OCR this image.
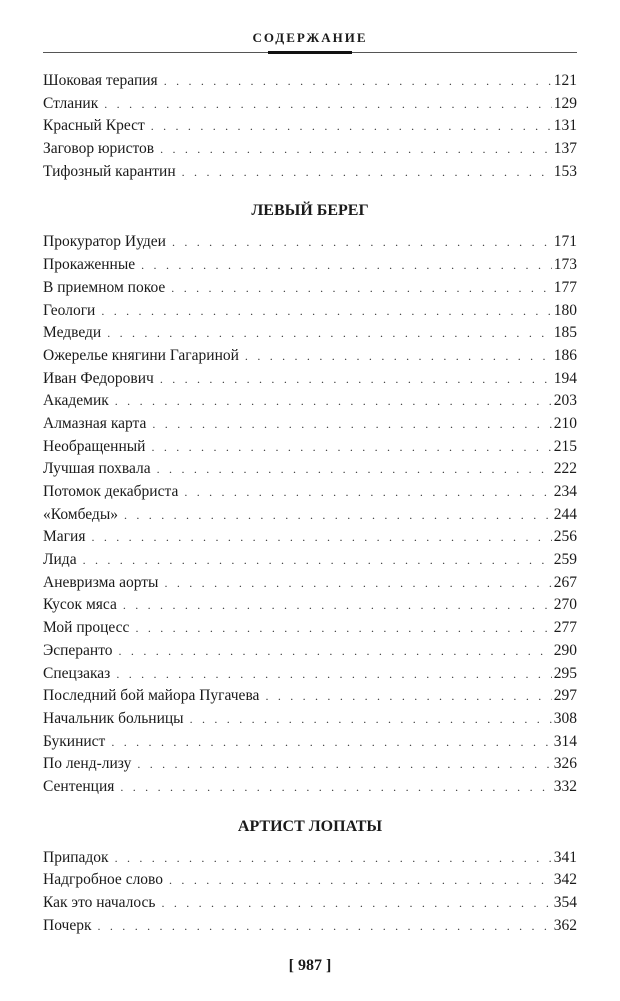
СОДЕРЖАНИЕ
Шоковая терапия . . .	121
Стланик . . .	129
Красный Крест . . .	131
Заговор юристов . . .	137
Тифозный карантин . . .	153
ЛЕВЫЙ БЕРЕГ
Прокуратор Иудеи . . .	171
Прокаженные . . .	173
В приемном покое . . .	177
Геологи . . .	180
Медведи . . .	185
Ожерелье княгини Гагариной . . .	186
Иван Федорович . . .	194
Академик . . .	203
Алмазная карта . . .	210
Необращенный . . .	215
Лучшая похвала . . .	222
Потомок декабриста . . .	234
«Комбеды» . . .	244
Магия . . .	256
Лида . . .	259
Аневризма аорты . . .	267
Кусок мяса . . .	270
Мой процесс . . .	277
Эсперанто . . .	290
Спецзаказ . . .	295
Последний бой майора Пугачева . . .	297
Начальник больницы . . .	308
Букинист . . .	314
По ленд-лизу . . .	326
Сентенция . . .	332
АРТИСТ ЛОПАТЫ
Припадок . . .	341
Надгробное слово . . .	342
Как это началось . . .	354
Почерк . . .	362
[ 987 ]
